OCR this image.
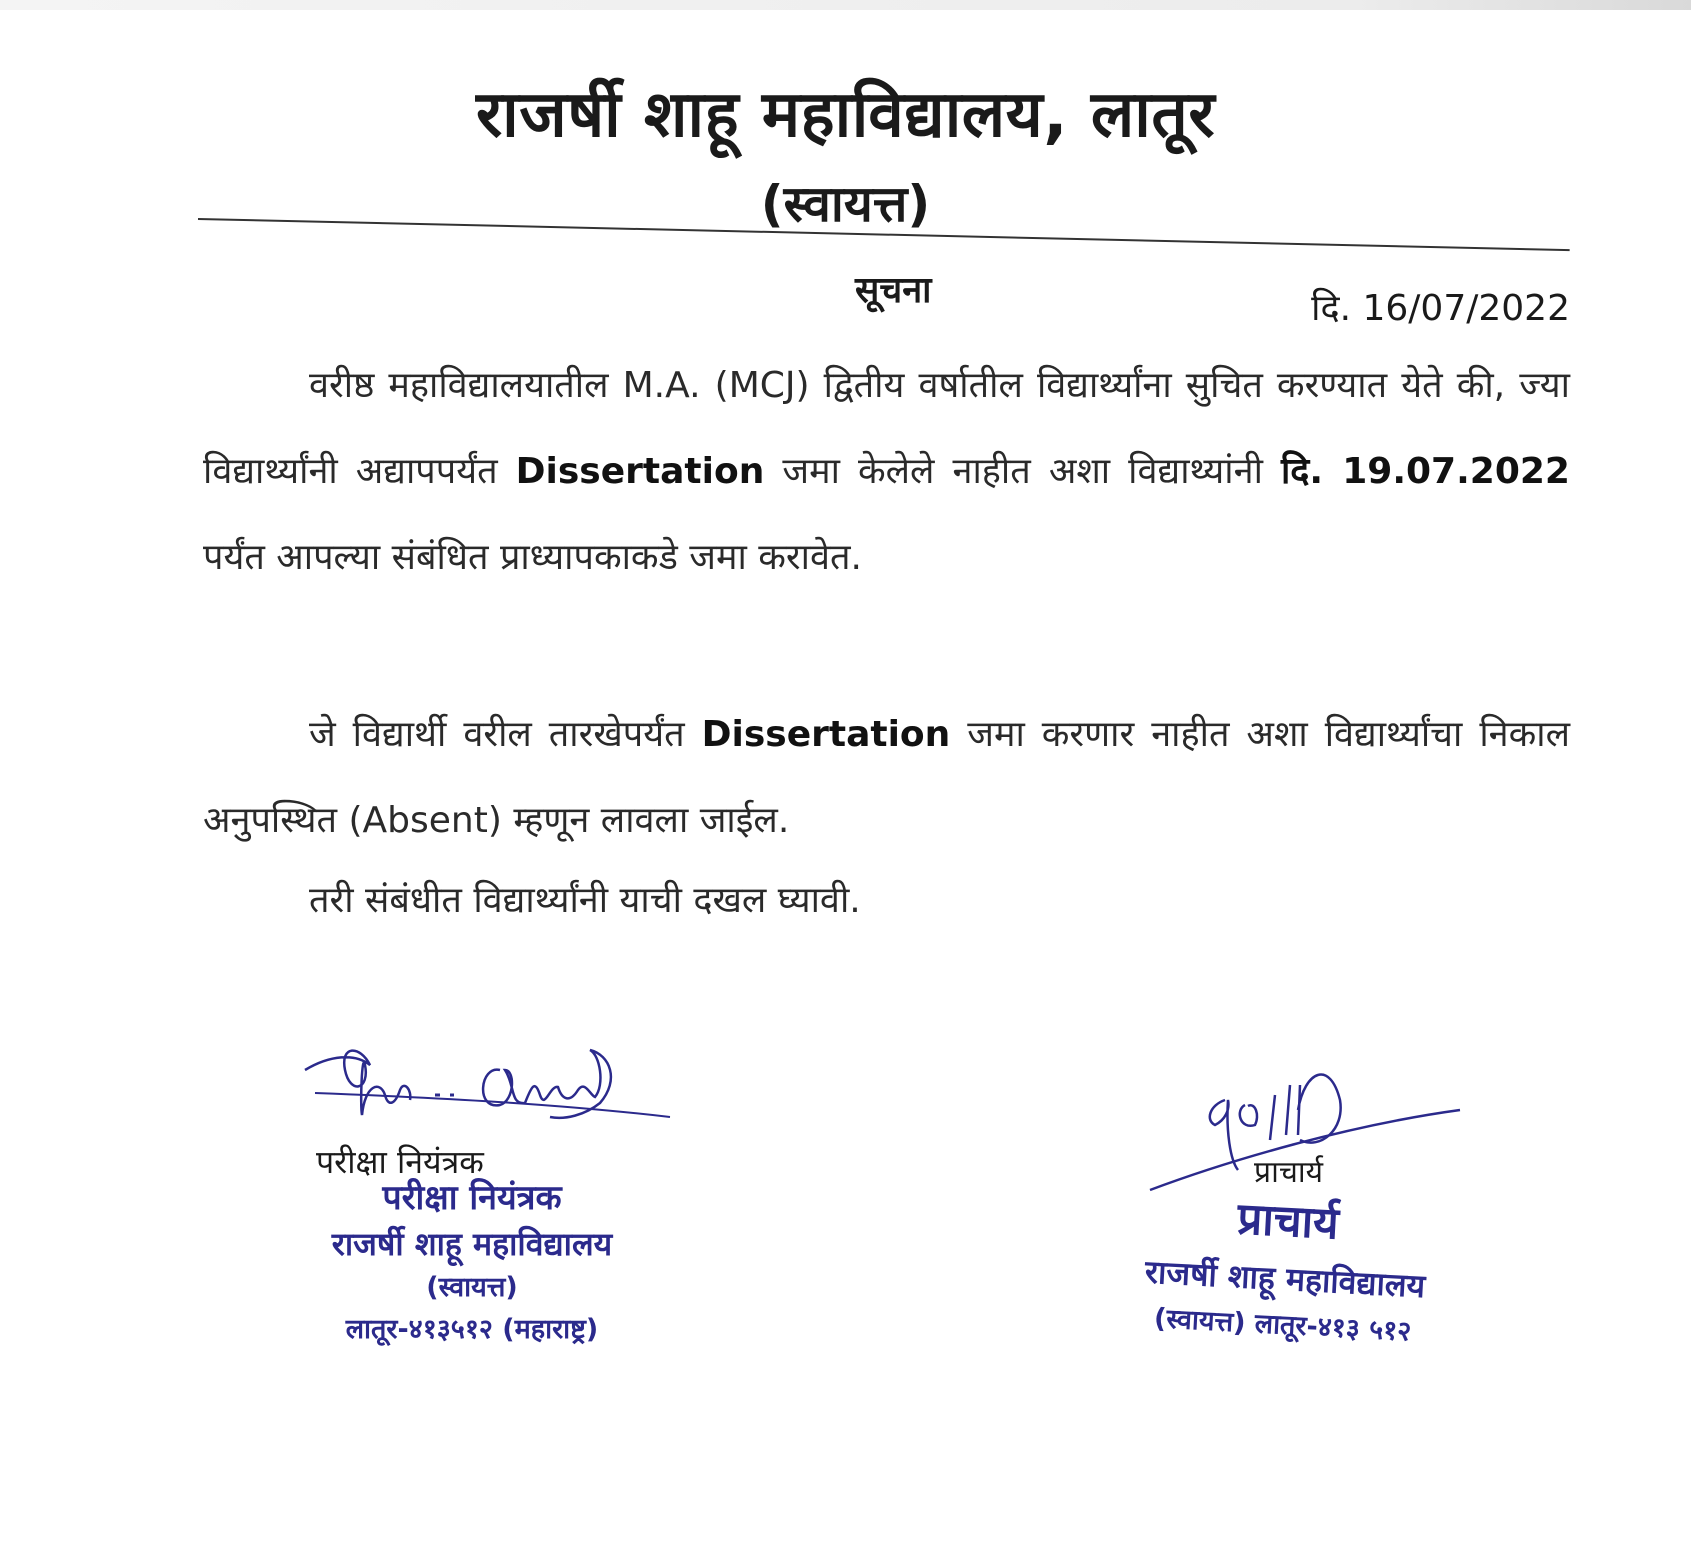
राजर्षी शाहू महाविद्यालय, लातूर
(स्वायत्त)
सूचना	दि. 16/07/2022
वरीष्ठ महाविद्यालयातील M.A. (MCJ) द्वितीय वर्षातील विद्यार्थ्यांना सुचित करण्यात येते की, ज्या विद्यार्थ्यांनी अद्यापपर्यंत Dissertation जमा केलेले नाहीत अशा विद्याथ्यांनी दि. 19.07.2022 पर्यंत आपल्या संबंधित प्राध्यापकाकडे जमा करावेत.
जे विद्यार्थी वरील तारखेपर्यंत Dissertation जमा करणार नाहीत अशा विद्यार्थ्यांचा निकाल अनुपस्थित (Absent) म्हणून लावला जाईल.
तरी संबंधीत विद्यार्थ्यांनी याची दखल घ्यावी.
परीक्षा नियंत्रक
परीक्षा नियंत्रक
राजर्षी शाहू महाविद्यालय
(स्वायत्त)
लातूर-४१३५१२ (महाराष्ट्र)
प्राचार्य
प्राचार्य
राजर्षी शाहू महाविद्यालय
(स्वायत्त) लातूर-४१३ ५१२
